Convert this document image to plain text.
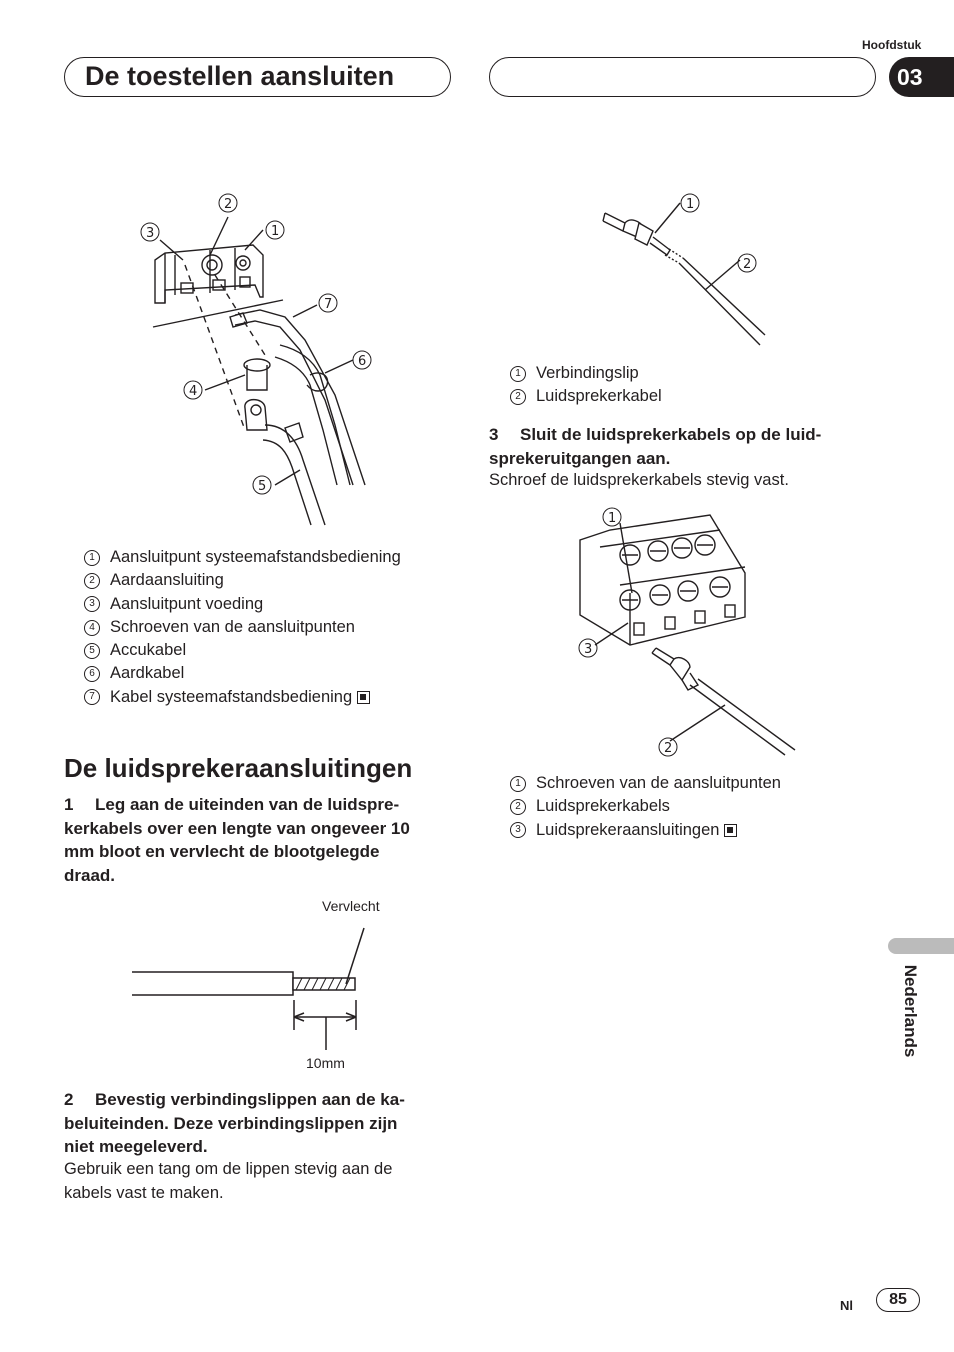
Hoofdstuk
De toestellen aansluiten	03
2
1
3
7
6
4
5
1 Aansluitpunt systeemafstandsbediening
2 Aardaansluiting
3 Aansluitpunt voeding
4 Schroeven van de aansluitpunten
5 Accukabel
6 Aardkabel
7 Kabel systeemafstandsbediening
De luidsprekeraansluitingen
1 Leg aan de uiteinden van de luidspre-
kerkabels over een lengte van ongeveer 10
mm bloot en vervlecht de blootgelegde
draad.
Vervlecht
10mm
2 Bevestig verbindingslippen aan de ka-
beluiteinden. Deze verbindingslippen zijn
niet meegeleverd.
Gebruik een tang om de lippen stevig aan de
kabels vast te maken.
1
2
1 Verbindingslip
2 Luidsprekerkabel
3 Sluit de luidsprekerkabels op de luid-
sprekeruitgangen aan.
Schroef de luidsprekerkabels stevig vast.
1
3
2
1 Schroeven van de aansluitpunten
2 Luidsprekerkabels
3 Luidsprekeraansluitingen
Nederlands
Nl	85
